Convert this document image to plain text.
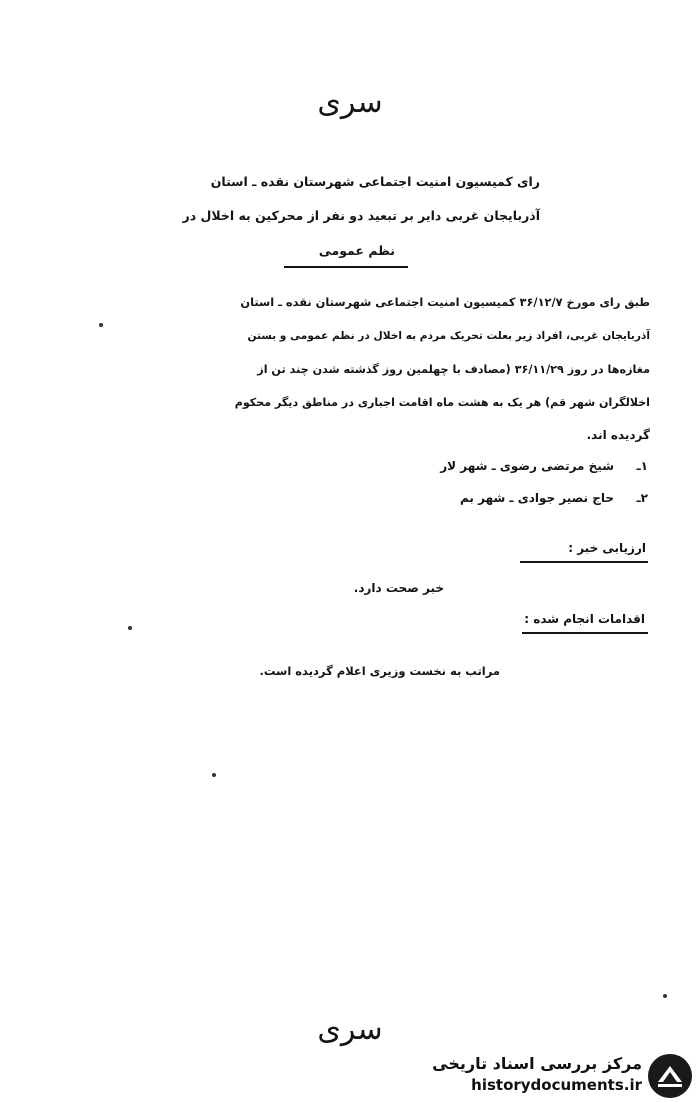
سری
رای کمیسیون امنیت اجتماعی شهرستان نقده ـ استان
آذربایجان غربی دایر بر تبعید دو نفر از محرکین به اخلال در
نظم عمومی
طبق رای مورخ ۳۶/۱۲/۷ کمیسیون امنیت اجتماعی شهرستان نقده ـ استان
آذربایجان غربی، افراد زیر بعلت تحریک مردم به اخلال در نظم عمومی و بستن
مغازه‌ها در روز ۳۶/۱۱/۲۹ (مصادف با چهلمین روز گذشته شدن چند تن از
اخلالگران شهر قم) هر یک به هشت ماه اقامت اجباری در مناطق دیگر محکوم
گردیده اند.
۱ـ
شیخ مرتضی رضوی ـ شهر لار
۲ـ
حاج نصیر جوادی ـ شهر بم
ارزیابی خبر :
خبر صحت دارد.
اقدامات انجام شده :
مراتب به نخست وزیری اعلام گردیده است.
سری
مرکز بررسی اسناد تاریخی
historydocuments.ir
